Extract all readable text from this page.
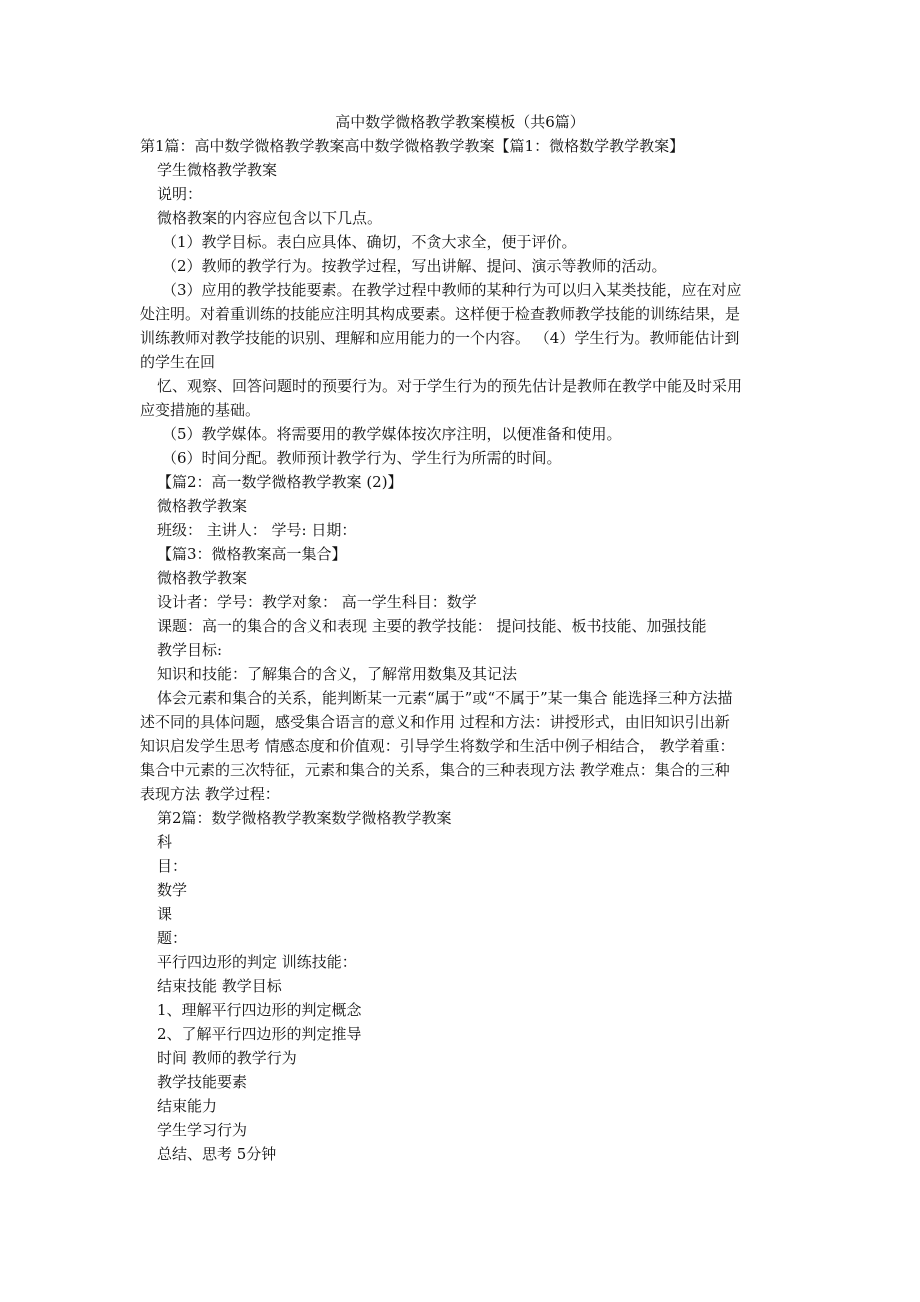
高中数学微格教学教案模板（共6篇）
第1篇：高中数学微格教学教案高中数学微格教学教案【篇1：微格数学教学教案】
学生微格教学教案
说明：
微格教案的内容应包含以下几点。
（1）教学目标。表白应具体、确切，不贪大求全，便于评价。
（2）教师的教学行为。按教学过程，写出讲解、提问、演示等教师的活动。
（3）应用的教学技能要素。在教学过程中教师的某种行为可以归入某类技能，应在对应
处注明。对着重训练的技能应注明其构成要素。这样便于检查教师教学技能的训练结果，是
训练教师对教学技能的识别、理解和应用能力的一个内容。 （4）学生行为。教师能估计到
的学生在回
忆、观察、回答问题时的预要行为。对于学生行为的预先估计是教师在教学中能及时采用
应变措施的基础。
（5）教学媒体。将需要用的教学媒体按次序注明，以便准备和使用。
（6）时间分配。教师预计教学行为、学生行为所需的时间。
【篇2：高一数学微格教学教案 (2)】
微格教学教案
班级： 主讲人： 学号: 日期：
【篇3：微格教案高一集合】
微格教学教案
设计者：学号：教学对象： 高一学生科目：数学
课题：高一的集合的含义和表现 主要的教学技能： 提问技能、板书技能、加强技能
教学目标:
知识和技能：了解集合的含义，了解常用数集及其记法
体会元素和集合的关系，能判断某一元素“属于”或“不属于”某一集合 能选择三种方法描
述不同的具体问题，感受集合语言的意义和作用 过程和方法：讲授形式，由旧知识引出新
知识启发学生思考 情感态度和价值观：引导学生将数学和生活中例子相结合， 教学着重：
集合中元素的三次特征，元素和集合的关系，集合的三种表现方法 教学难点：集合的三种
表现方法 教学过程：
第2篇：数学微格教学教案数学微格教学教案
科
目：
数学
课
题：
平行四边形的判定 训练技能：
结束技能 教学目标
1、理解平行四边形的判定概念
2、了解平行四边形的判定推导
时间 教师的教学行为
教学技能要素
结束能力
学生学习行为
总结、思考 5分钟
